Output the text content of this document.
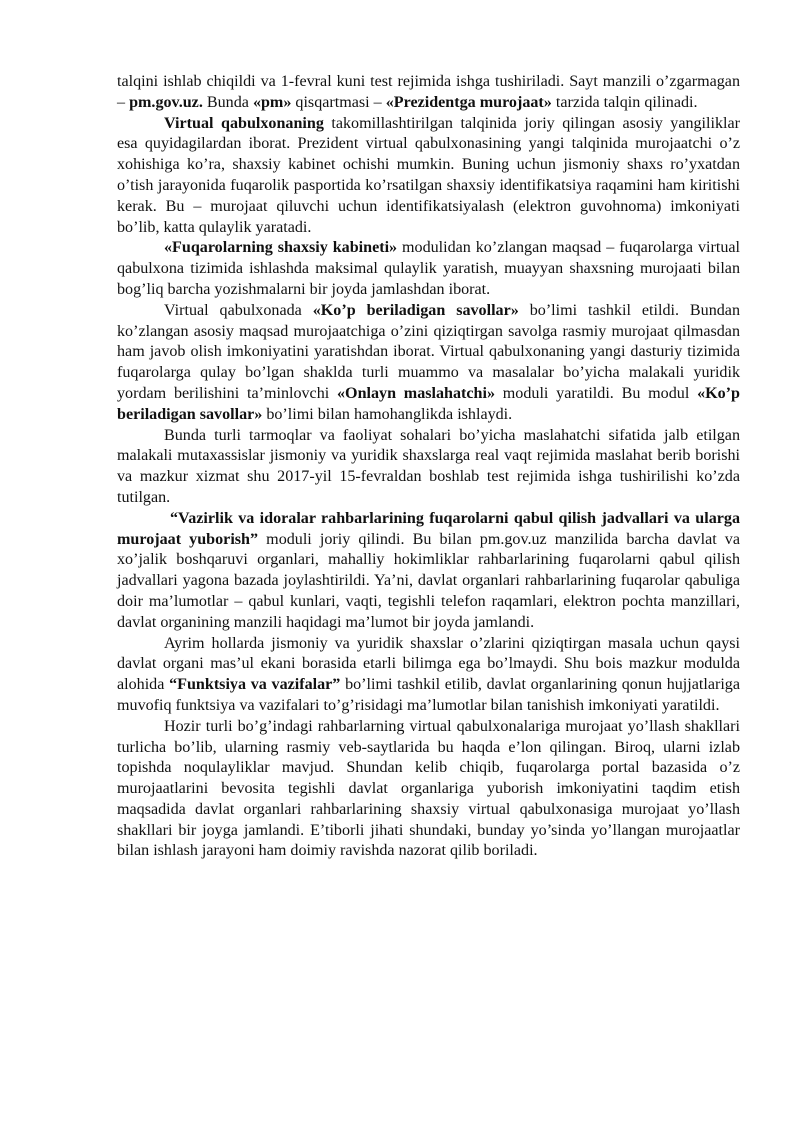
talqini ishlab chiqildi va 1-fevral kuni test rejimida ishga tushiriladi. Sayt manzili o’zgarmagan – pm.gov.uz. Bunda «pm» qisqartmasi – «Prezidentga murojaat» tarzida talqin qilinadi.

Virtual qabulxonaning takomillashtirilgan talqinida joriy qilingan asosiy yangiliklar esa quyidagilardan iborat. Prezident virtual qabulxonasining yangi talqinida murojaatchi o’z xohishiga ko’ra, shaxsiy kabinet ochishi mumkin. Buning uchun jismoniy shaxs ro’yxatdan o’tish jarayonida fuqarolik pasportida ko’rsatilgan shaxsiy identifikatsiya raqamini ham kiritishi kerak. Bu – murojaat qiluvchi uchun identifikatsiyalash (elektron guvohnoma) imkoniyati bo’lib, katta qulaylik yaratadi.

«Fuqarolarning shaxsiy kabineti» modulidan ko’zlangan maqsad – fuqarolarga virtual qabulxona tizimida ishlashda maksimal qulaylik yaratish, muayyan shaxsning murojaati bilan bog’liq barcha yozishmalarni bir joyda jamlashdan iborat.

Virtual qabulxonada «Ko’p beriladigan savollar» bo’limi tashkil etildi. Bundan ko’zlangan asosiy maqsad murojaatchiga o’zini qiziqtirgan savolga rasmiy murojaat qilmasdan ham javob olish imkoniyatini yaratishdan iborat. Virtual qabulxonaning yangi dasturiy tizimida fuqarolarga qulay bo’lgan shaklda turli muammo va masalalar bo’yicha malakali yuridik yordam berilishini ta’minlovchi «Onlayn maslahatchi» moduli yaratildi. Bu modul «Ko’p beriladigan savollar» bo’limi bilan hamohanglikda ishlaydi.

Bunda turli tarmoqlar va faoliyat sohalari bo’yicha maslahatchi sifatida jalb etilgan malakali mutaxassislar jismoniy va yuridik shaxslarga real vaqt rejimida maslahat berib borishi va mazkur xizmat shu 2017-yil 15-fevraldan boshlab test rejimida ishga tushirilishi ko’zda tutilgan.

“Vazirlik va idoralar rahbarlarining fuqarolarni qabul qilish jadvallari va ularga murojaat yuborish” moduli joriy qilindi. Bu bilan pm.gov.uz manzilida barcha davlat va xo’jalik boshqaruvi organlari, mahalliy hokimliklar rahbarlarining fuqarolarni qabul qilish jadvallari yagona bazada joylashtirildi. Ya’ni, davlat organlari rahbarlarining fuqarolar qabuliga doir ma’lumotlar – qabul kunlari, vaqti, tegishli telefon raqamlari, elektron pochta manzillari, davlat organining manzili haqidagi ma’lumot bir joyda jamlandi.

Ayrim hollarda jismoniy va yuridik shaxslar o’zlarini qiziqtirgan masala uchun qaysi davlat organi mas’ul ekani borasida etarli bilimga ega bo’lmaydi. Shu bois mazkur modulda alohida “Funktsiya va vazifalar” bo’limi tashkil etilib, davlat organlarining qonun hujjatlariga muvofiq funktsiya va vazifalari to’g’risidagi ma’lumotlar bilan tanishish imkoniyati yaratildi.

Hozir turli bo’g’indagi rahbarlarning virtual qabulxonalariga murojaat yo’llash shakllari turlicha bo’lib, ularning rasmiy veb-saytlarida bu haqda e’lon qilingan. Biroq, ularni izlab topishda noqulayliklar mavjud. Shundan kelib chiqib, fuqarolarga portal bazasida o’z murojaatlarini bevosita tegishli davlat organlariga yuborish imkoniyatini taqdim etish maqsadida davlat organlari rahbarlarining shaxsiy virtual qabulxonasiga murojaat yo’llash shakllari bir joyga jamlandi. E’tiborli jihati shundaki, bunday yo’sinda yo’llangan murojaatlar bilan ishlash jarayoni ham doimiy ravishda nazorat qilib boriladi.
